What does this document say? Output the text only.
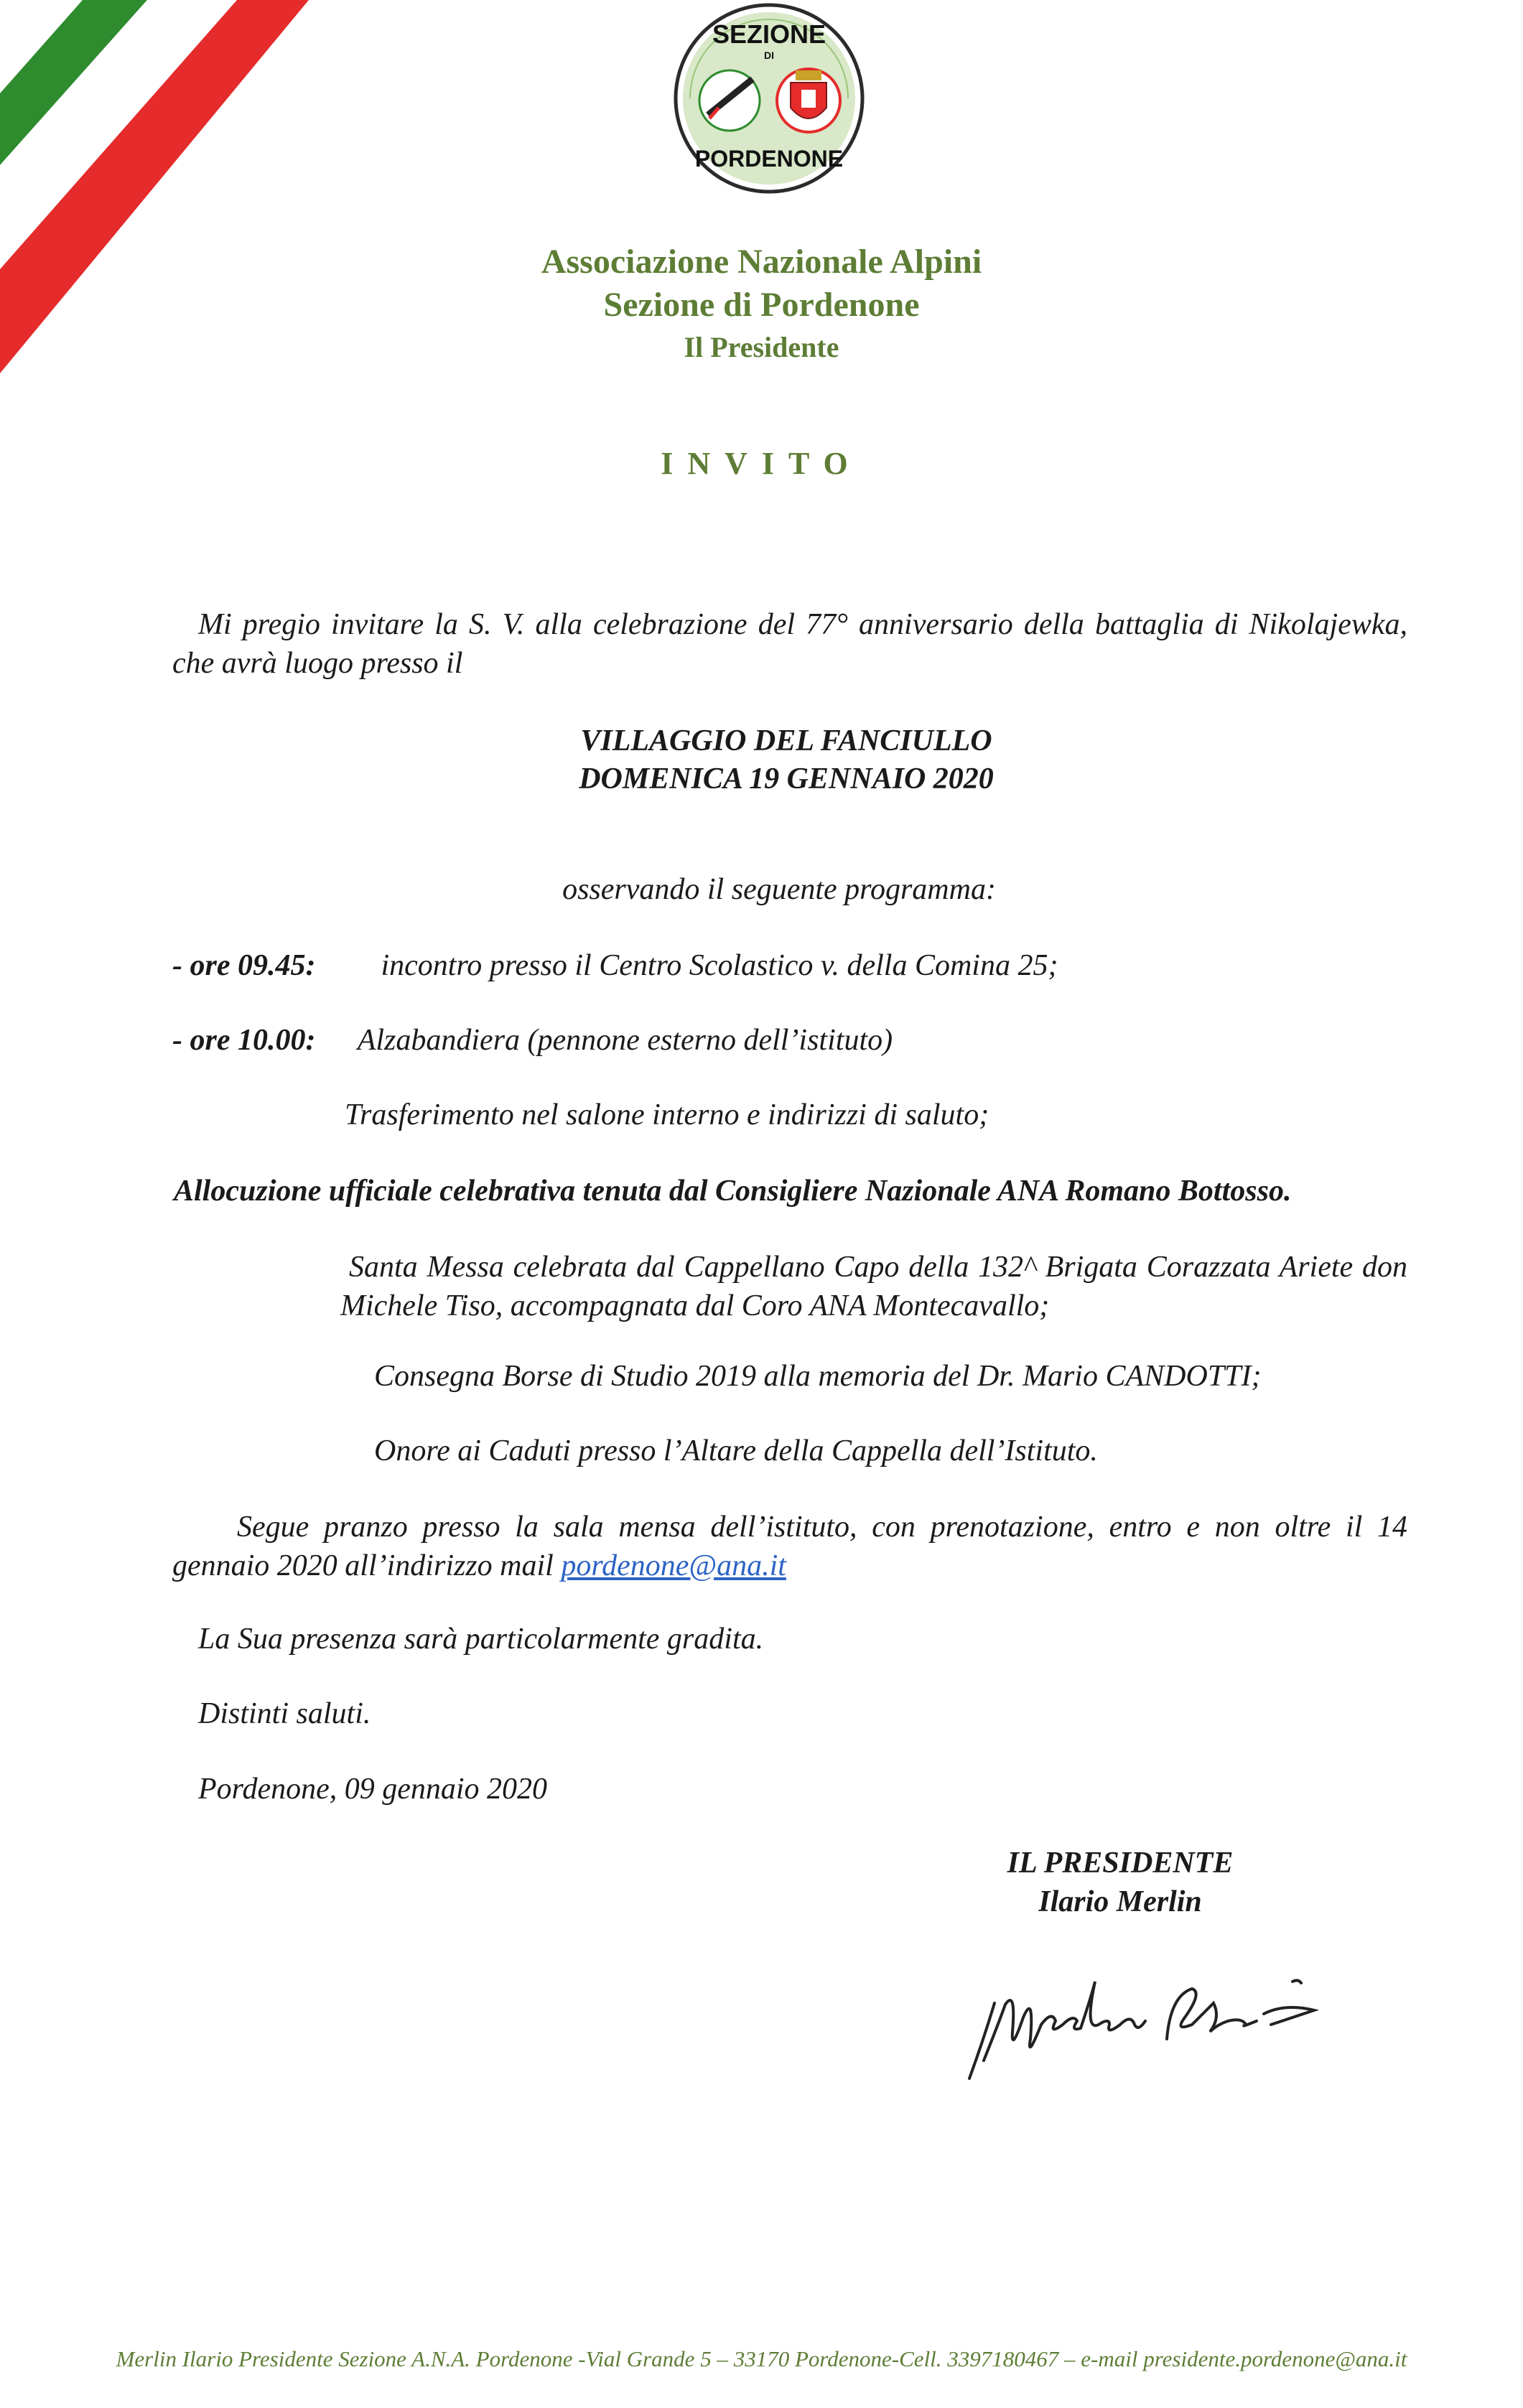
SEZIONE
DI
PORDENONE
Associazione Nazionale Alpini
Sezione di Pordenone
Il Presidente
INVITO
Mi pregio invitare la S. V. alla celebrazione del 77° anniversario della battaglia di Nikolajewka, che avrà luogo presso il
VILLAGGIO DEL FANCIULLO
DOMENICA 19 GENNAIO 2020
osservando il seguente programma:
- ore 09.45: incontro presso il Centro Scolastico v. della Comina 25;
- ore 10.00: Alzabandiera (pennone esterno dell’istituto)
Trasferimento nel salone interno e indirizzi di saluto;
Allocuzione ufficiale celebrativa tenuta dal Consigliere Nazionale ANA Romano Bottosso.
Santa Messa celebrata dal Cappellano Capo della 132^ Brigata Corazzata Ariete don Michele Tiso, accompagnata dal Coro ANA Montecavallo;
Consegna Borse di Studio 2019 alla memoria del Dr. Mario CANDOTTI;
Onore ai Caduti presso l’Altare della Cappella dell’Istituto.
Segue pranzo presso la sala mensa dell’istituto, con prenotazione, entro e non oltre il 14 gennaio 2020 all’indirizzo mail pordenone@ana.it
La Sua presenza sarà particolarmente gradita.
Distinti saluti.
Pordenone, 09 gennaio 2020
IL PRESIDENTE
Ilario Merlin
Merlin Ilario Presidente Sezione A.N.A. Pordenone -Vial Grande 5 – 33170 Pordenone-Cell. 3397180467 – e-mail presidente.pordenone@ana.it
